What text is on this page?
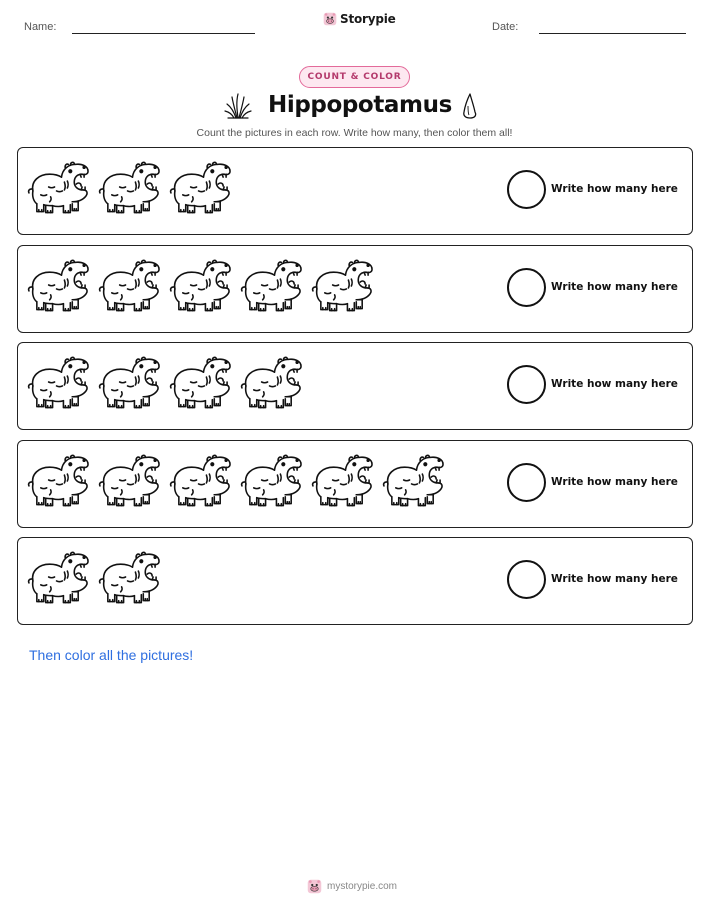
Name:
Storypie
Date:
COUNT & COLOR
Hippopotamus
Count the pictures in each row. Write how many, then color them all!
Write how many here
Write how many here
Write how many here
Write how many here
Write how many here
Then color all the pictures!
mystorypie.com
